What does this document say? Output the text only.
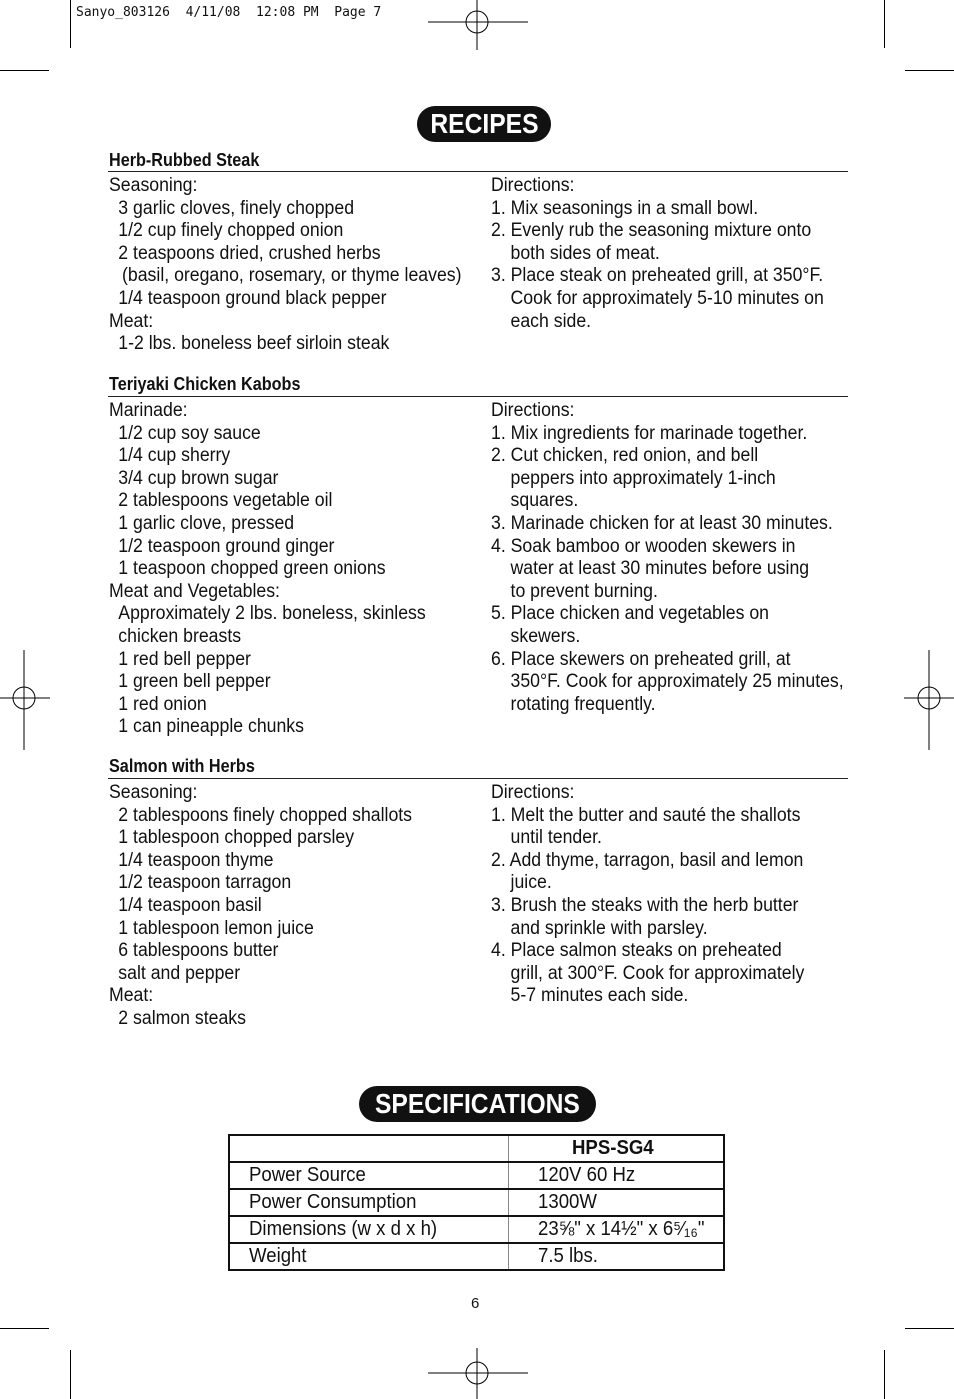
Sanyo_803126  4/11/08  12:08 PM  Page 7
RECIPES
Herb-Rubbed Steak
Seasoning:
3 garlic cloves, finely chopped
1/2 cup finely chopped onion
2 teaspoons dried, crushed herbs
(basil, oregano, rosemary, or thyme leaves)
1/4 teaspoon ground black pepper
Meat:
1-2 lbs. boneless beef sirloin steak
Directions:
1. Mix seasonings in a small bowl.
2. Evenly rub the seasoning mixture onto
both sides of meat.
3. Place steak on preheated grill, at 350°F.
Cook for approximately 5-10 minutes on
each side.
Teriyaki Chicken Kabobs
Marinade:
1/2 cup soy sauce
1/4 cup sherry
3/4 cup brown sugar
2 tablespoons vegetable oil
1 garlic clove, pressed
1/2 teaspoon ground ginger
1 teaspoon chopped green onions
Meat and Vegetables:
Approximately 2 lbs. boneless, skinless
chicken breasts
1 red bell pepper
1 green bell pepper
1 red onion
1 can pineapple chunks
Directions:
1. Mix ingredients for marinade together.
2. Cut chicken, red onion, and bell
peppers into approximately 1-inch
squares.
3. Marinade chicken for at least 30 minutes.
4. Soak bamboo or wooden skewers in
water at least 30 minutes before using
to prevent burning.
5. Place chicken and vegetables on
skewers.
6. Place skewers on preheated grill, at
350°F. Cook for approximately 25 minutes,
rotating frequently.
Salmon with Herbs
Seasoning:
2 tablespoons finely chopped shallots
1 tablespoon chopped parsley
1/4 teaspoon thyme
1/2 teaspoon tarragon
1/4 teaspoon basil
1 tablespoon lemon juice
6 tablespoons butter
salt and pepper
Meat:
2 salmon steaks
Directions:
1. Melt the butter and sauté the shallots
until tender.
2. Add thyme, tarragon, basil and lemon
juice.
3. Brush the steaks with the herb butter
and sprinkle with parsley.
4. Place salmon steaks on preheated
grill, at 300°F. Cook for approximately
5-7 minutes each side.
SPECIFICATIONS
	HPS-SG4
Power Source	120V 60 Hz
Power Consumption	1300W
Dimensions (w x d x h)	23⅝" x 14½" x 6⁵⁄₁₆"
Weight	7.5 lbs.
6
